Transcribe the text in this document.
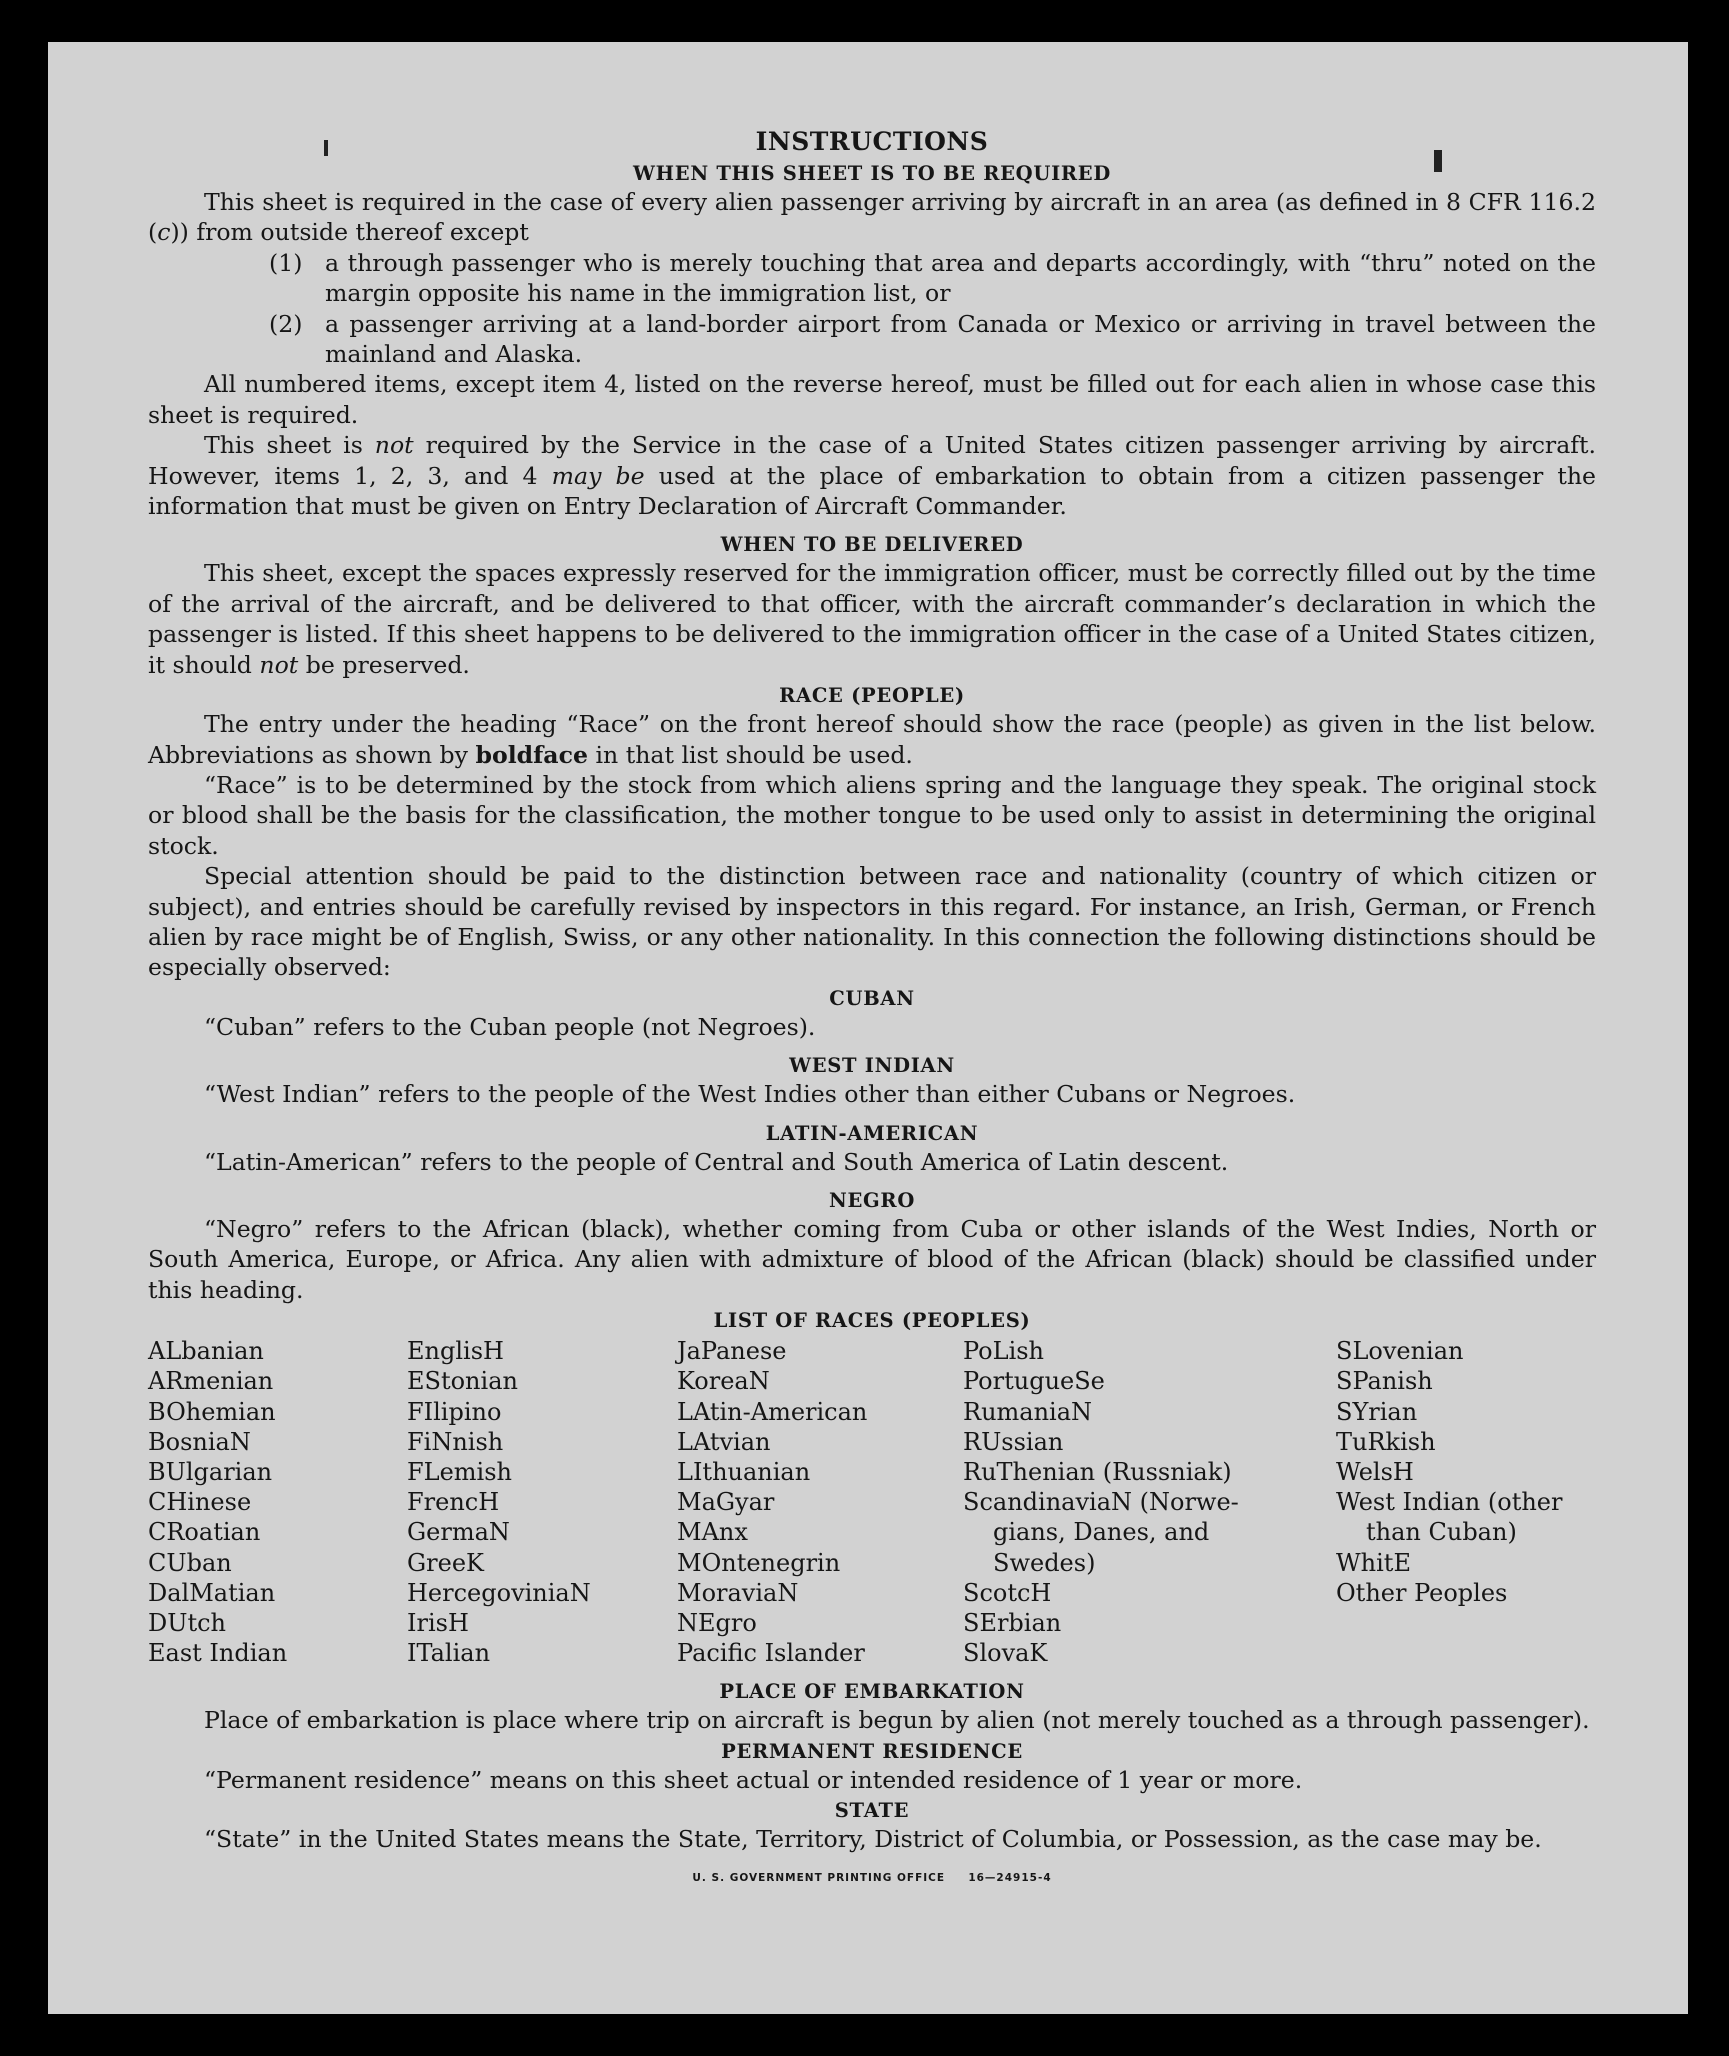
INSTRUCTIONS
WHEN THIS SHEET IS TO BE REQUIRED

This sheet is required in the case of every alien passenger arriving by aircraft in an area (as defined in 8 CFR 116.2 (c)) from outside thereof except

(1) a through passenger who is merely touching that area and departs accordingly, with “thru” noted on the margin opposite his name in the immigration list, or
(2) a passenger arriving at a land-border airport from Canada or Mexico or arriving in travel between the mainland and Alaska.

All numbered items, except item 4, listed on the reverse hereof, must be filled out for each alien in whose case this sheet is required.

This sheet is not required by the Service in the case of a United States citizen passenger arriving by aircraft. However, items 1, 2, 3, and 4 may be used at the place of embarkation to obtain from a citizen passenger the information that must be given on Entry Declaration of Aircraft Commander.

WHEN TO BE DELIVERED

This sheet, except the spaces expressly reserved for the immigration officer, must be correctly filled out by the time of the arrival of the aircraft, and be delivered to that officer, with the aircraft commander’s declaration in which the passenger is listed. If this sheet happens to be delivered to the immigration officer in the case of a United States citizen, it should not be preserved.

RACE (PEOPLE)

The entry under the heading “Race” on the front hereof should show the race (people) as given in the list below. Abbreviations as shown by boldface in that list should be used.

“Race” is to be determined by the stock from which aliens spring and the language they speak. The original stock or blood shall be the basis for the classification, the mother tongue to be used only to assist in determining the original stock.

Special attention should be paid to the distinction between race and nationality (country of which citizen or subject), and entries should be carefully revised by inspectors in this regard. For instance, an Irish, German, or French alien by race might be of English, Swiss, or any other nationality. In this connection the following distinctions should be especially observed:

CUBAN

“Cuban” refers to the Cuban people (not Negroes).

WEST INDIAN

“West Indian” refers to the people of the West Indies other than either Cubans or Negroes.

LATIN-AMERICAN

“Latin-American” refers to the people of Central and South America of Latin descent.

NEGRO

“Negro” refers to the African (black), whether coming from Cuba or other islands of the West Indies, North or South America, Europe, or Africa. Any alien with admixture of blood of the African (black) should be classified under this heading.

LIST OF RACES (PEOPLES)
ALbanian
ARmenian
BOhemian
BosniaN
BUlgarian
CHinese
CRoatian
CUban
DalMatian
DUtch
East Indian
EnglisH
EStonian
FIlipino
FiNnish
FLemish
FrencH
GermaN
GreeK
HercegoviniaN
IrisH
ITalian
JaPanese
KoreaN
LAtin-American
LAtvian
LIthuanian
MaGyar
MAnx
MOntenegrin
MoraviaN
NEgro
Pacific Islander
PoLish
PortugueSe
RumaniaN
RUssian
RuThenian (Russniak)
ScandinaviaN (Norwe-
gians, Danes, and
Swedes)
ScotcH
SErbian
SlovaK
SLovenian
SPanish
SYrian
TuRkish
WelsH
West Indian (other
than Cuban)
WhitE
Other Peoples
PLACE OF EMBARKATION

Place of embarkation is place where trip on aircraft is begun by alien (not merely touched as a through passenger).

PERMANENT RESIDENCE

“Permanent residence” means on this sheet actual or intended residence of 1 year or more.

STATE

“State” in the United States means the State, Territory, District of Columbia, or Possession, as the case may be.

U. S. GOVERNMENT PRINTING OFFICE     16—24915-4
